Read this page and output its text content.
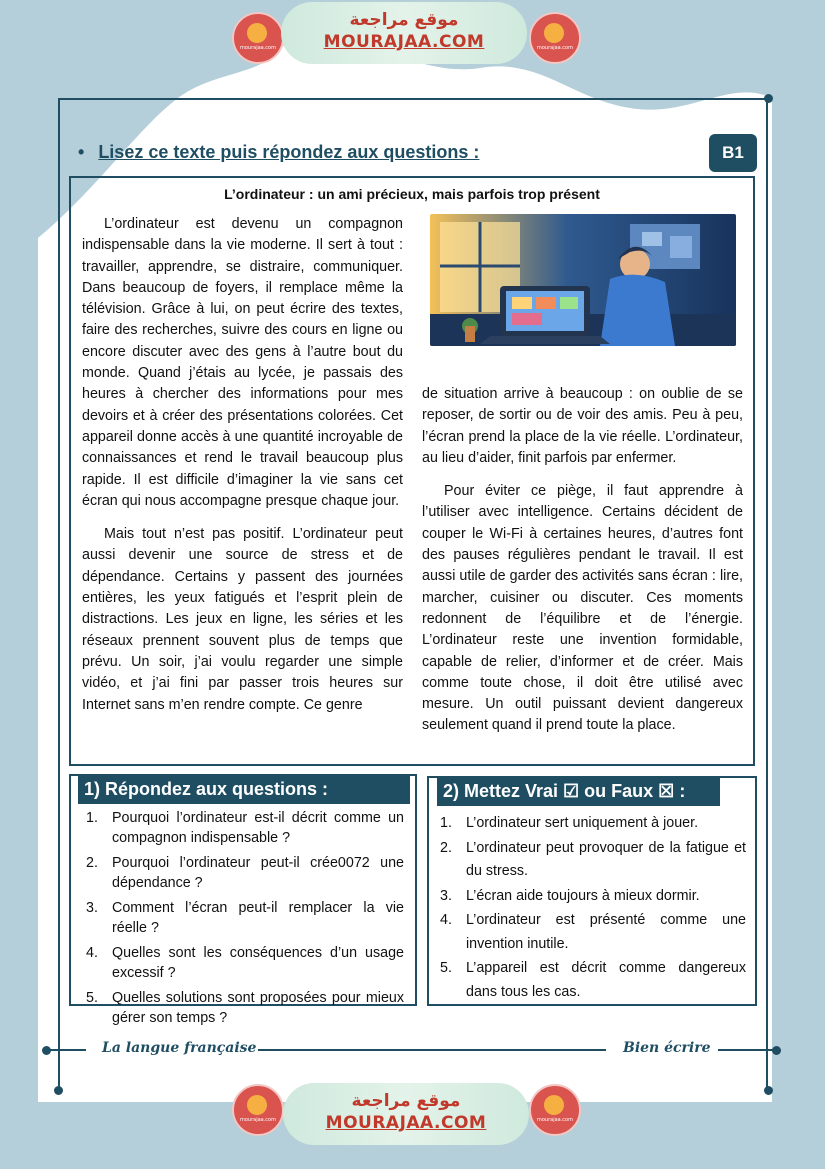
mourajaa.com
موقع مراجعة
MOURAJAA.COM	mourajaa.com
• Lisez ce texte puis répondez aux questions :	B1
L’ordinateur : un ami précieux, mais parfois trop présent

L’ordinateur est devenu un compagnon indispensable dans la vie moderne. Il sert à tout : travailler, apprendre, se distraire, communiquer. Dans beaucoup de foyers, il remplace même la télévision. Grâce à lui, on peut écrire des textes, faire des recherches, suivre des cours en ligne ou encore discuter avec des gens à l’autre bout du monde. Quand j’étais au lycée, je passais des heures à chercher des informations pour mes devoirs et à créer des présentations colorées. Cet appareil donne accès à une quantité incroyable de connaissances et rend le travail beaucoup plus rapide. Il est difficile d’imaginer la vie sans cet écran qui nous accompagne presque chaque jour.

Mais tout n’est pas positif. L’ordinateur peut aussi devenir une source de stress et de dépendance. Certains y passent des journées entières, les yeux fatigués et l’esprit plein de distractions. Les jeux en ligne, les séries et les réseaux prennent souvent plus de temps que prévu. Un soir, j’ai voulu regarder une simple vidéo, et j’ai fini par passer trois heures sur Internet sans m’en rendre compte. Ce genre

de situation arrive à beaucoup : on oublie de se reposer, de sortir ou de voir des amis. Peu à peu, l’écran prend la place de la vie réelle. L’ordinateur, au lieu d’aider, finit parfois par enfermer.

Pour éviter ce piège, il faut apprendre à l’utiliser avec intelligence. Certains décident de couper le Wi-Fi à certaines heures, d’autres font des pauses régulières pendant le travail. Il est aussi utile de garder des activités sans écran : lire, marcher, cuisiner ou discuter. Ces moments redonnent de l’équilibre et de l’énergie. L’ordinateur reste une invention formidable, capable de relier, d’informer et de créer. Mais comme toute chose, il doit être utilisé avec mesure. Un outil puissant devient dangereux seulement quand il prend toute la place.

1) Répondez aux questions :
1. Pourquoi l’ordinateur est-il décrit comme un compagnon indispensable ?
2. Pourquoi l’ordinateur peut-il crée0072 une dépendance ?
3. Comment l’écran peut-il remplacer la vie réelle ?
4. Quelles sont les conséquences d’un usage excessif ?
5. Quelles solutions sont proposées pour mieux gérer son temps ?
2) Mettez Vrai ☑ ou Faux ☒ :
1. L’ordinateur sert uniquement à jouer.
2. L’ordinateur peut provoquer de la fatigue et du stress.
3. L’écran aide toujours à mieux dormir.
4. L’ordinateur est présenté comme une invention inutile.
5. L’appareil est décrit comme dangereux dans tous les cas.
La langue française	Bien écrire
mourajaa.com
موقع مراجعة
MOURAJAA.COM	mourajaa.com
